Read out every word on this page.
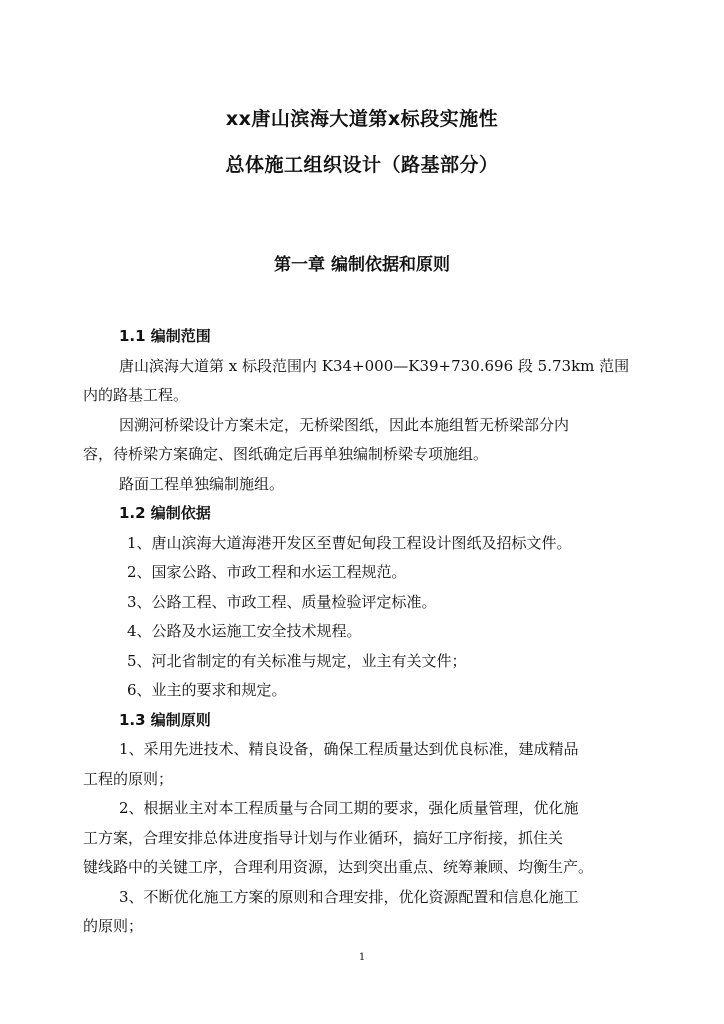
xx唐山滨海大道第x标段实施性
总体施工组织设计（路基部分）
第一章 编制依据和原则
1.1 编制范围
唐山滨海大道第 x 标段范围内 K34+000—K39+730.696 段 5.73km 范围
内的路基工程。
因溯河桥梁设计方案未定，无桥梁图纸，因此本施组暂无桥梁部分内
容，待桥梁方案确定、图纸确定后再单独编制桥梁专项施组。
路面工程单独编制施组。
1.2 编制依据
1、唐山滨海大道海港开发区至曹妃甸段工程设计图纸及招标文件。
2、国家公路、市政工程和水运工程规范。
3、公路工程、市政工程、质量检验评定标准。
4、公路及水运施工安全技术规程。
5、河北省制定的有关标准与规定，业主有关文件；
6、业主的要求和规定。
1.3 编制原则
1、采用先进技术、精良设备，确保工程质量达到优良标准，建成精品
工程的原则；
2、根据业主对本工程质量与合同工期的要求，强化质量管理，优化施
工方案，合理安排总体进度指导计划与作业循环，搞好工序衔接，抓住关
键线路中的关键工序，合理利用资源，达到突出重点、统筹兼顾、均衡生产。
3、不断优化施工方案的原则和合理安排，优化资源配置和信息化施工
的原则；
1
